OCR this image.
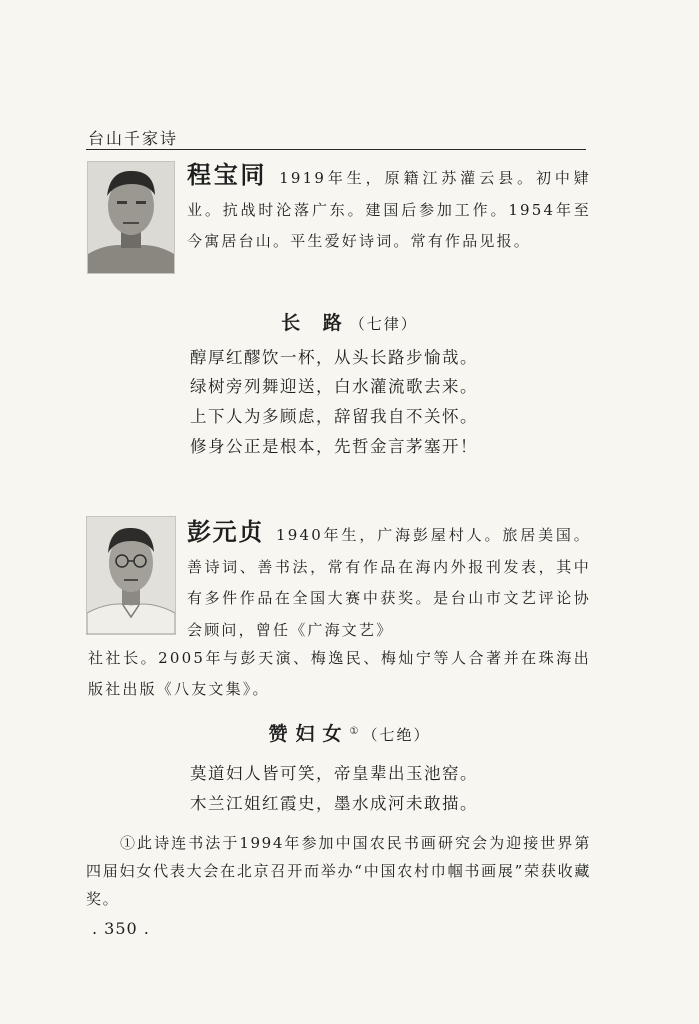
台山千家诗
程宝同 1919年生，原籍江苏灌云县。初中肄业。抗战时沦落广东。建国后参加工作。1954年至今寓居台山。平生爱好诗词。常有作品见报。
长 路（七律）
醇厚红醪饮一杯，从头长路步愉哉。
绿树旁列舞迎送，白水灌流歌去来。
上下人为多顾虑，辞留我自不关怀。
修身公正是根本，先哲金言茅塞开！
彭元贞 1940年生，广海彭屋村人。旅居美国。善诗词、善书法，常有作品在海内外报刊发表，其中有多件作品在全国大赛中获奖。是台山市文艺评论协会顾问，曾任《广海文艺》
社社长。2005年与彭天演、梅逸民、梅灿宁等人合著并在珠海出版社出版《八友文集》。
赞妇女① （七绝）
莫道妇人皆可笑，帝皇辈出玉池窑。
木兰江姐红霞史，墨水成河未敢描。
①此诗连书法于1994年参加中国农民书画研究会为迎接世界第四届妇女代表大会在北京召开而举办“中国农村巾帼书画展”荣获收藏奖。
. 350 .
